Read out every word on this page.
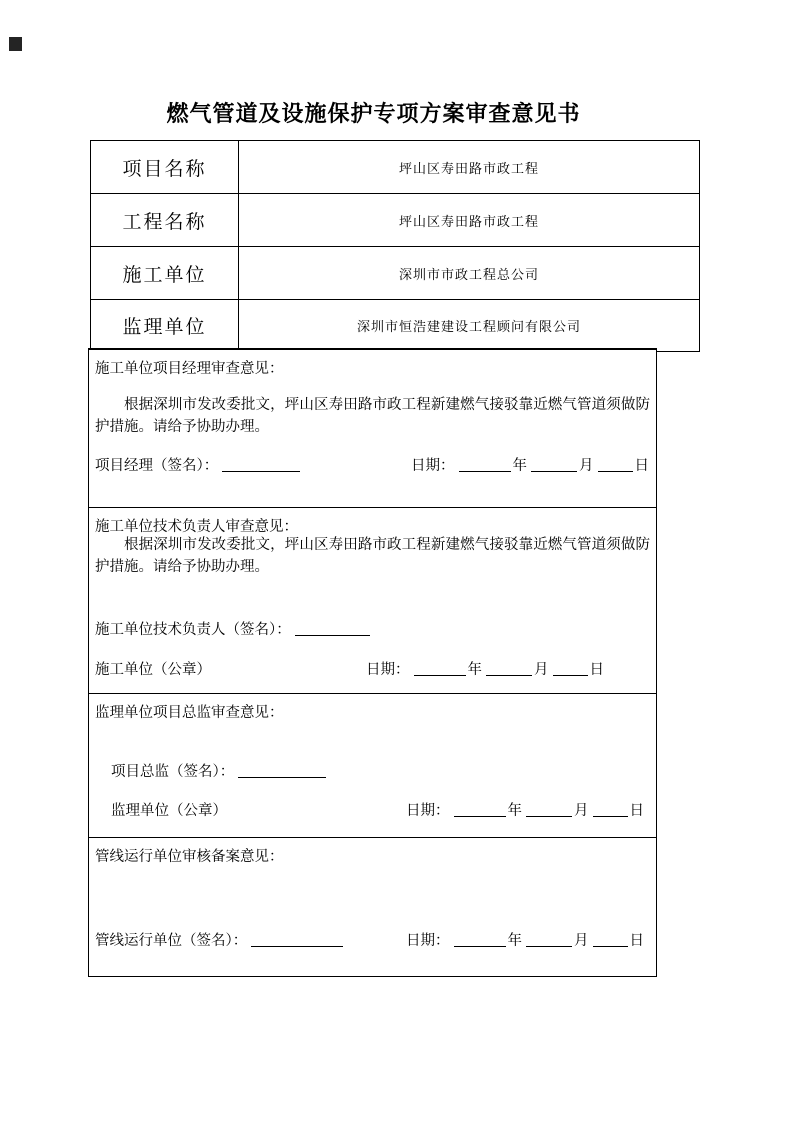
燃气管道及设施保护专项方案审查意见书
项目名称	坪山区寿田路市政工程
工程名称	坪山区寿田路市政工程
施工单位	深圳市市政工程总公司
监理单位	深圳市恒浩建建设工程顾问有限公司
施工单位项目经理审查意见：
根据深圳市发改委批文，坪山区寿田路市政工程新建燃气接驳靠近燃气管道须做防护措施。请给予协助办理。
项目经理（签名）：	日期：	年	月	日
施工单位技术负责人审查意见：
根据深圳市发改委批文，坪山区寿田路市政工程新建燃气接驳靠近燃气管道须做防护措施。请给予协助办理。
施工单位技术负责人（签名）：
施工单位（公章）	日期：	年	月	日
监理单位项目总监审查意见：
项目总监（签名）：
监理单位（公章）	日期：	年	月	日
管线运行单位审核备案意见：
管线运行单位（签名）：	日期：	年	月	日
